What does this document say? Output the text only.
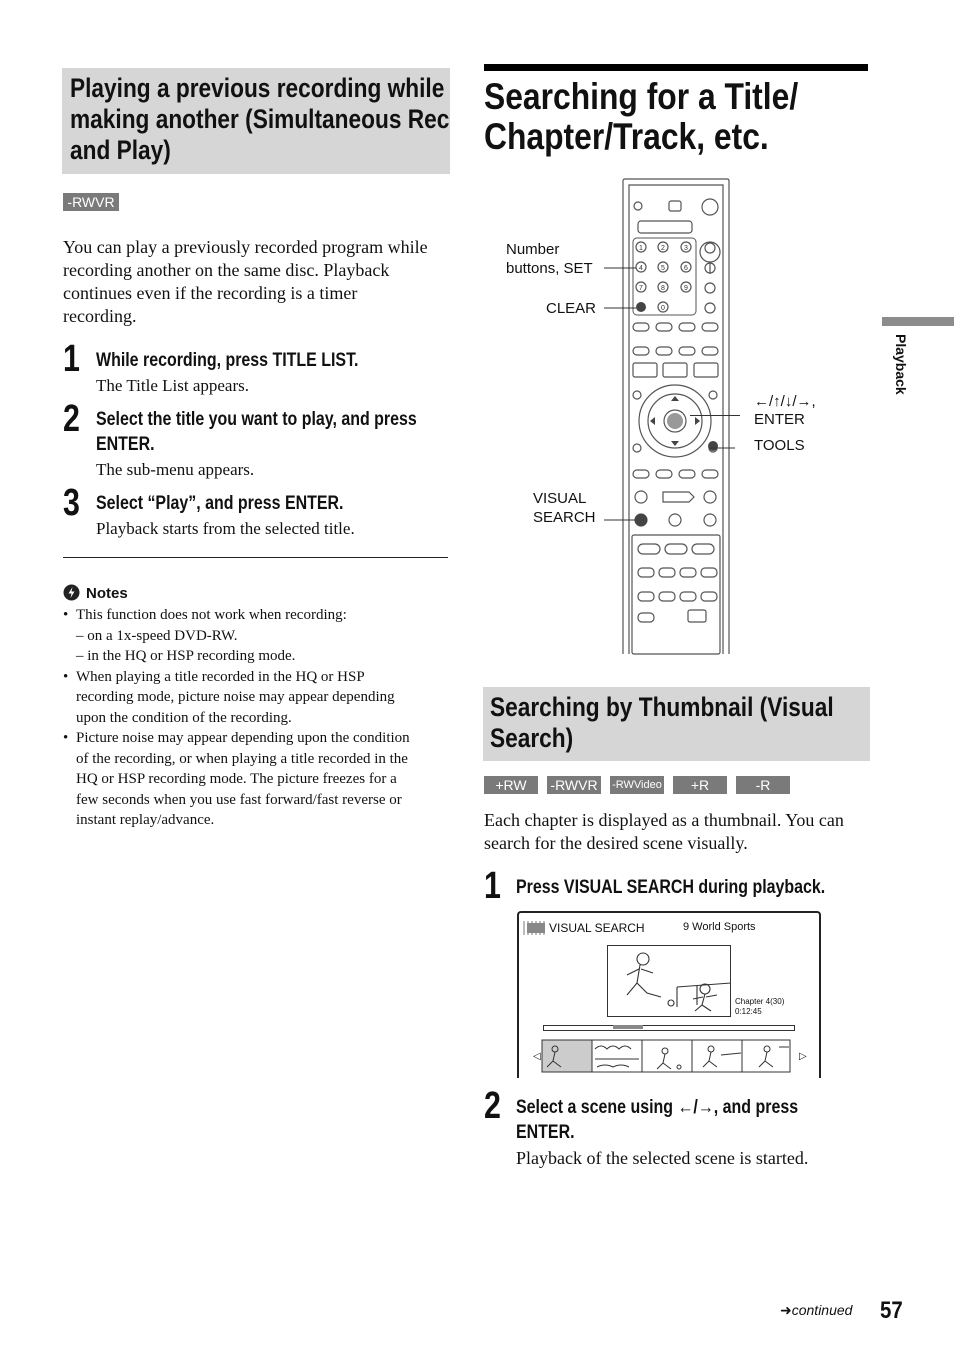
Playing a previous recording while
making another (Simultaneous Rec
and Play)
-RWVR
You can play a previously recorded program while
recording another on the same disc. Playback
continues even if the recording is a timer
recording.
1 While recording, press TITLE LIST.
The Title List appears.
2 Select the title you want to play, and press
ENTER.
The sub-menu appears.
3 Select “Play”, and press ENTER.
Playback starts from the selected title.
Notes
• This function does not work when recording:
– on a 1x-speed DVD-RW.
– in the HQ or HSP recording mode.
• When playing a title recorded in the HQ or HSP
recording mode, picture noise may appear depending
upon the condition of the recording.
• Picture noise may appear depending upon the condition
of the recording, or when playing a title recorded in the
HQ or HSP recording mode. The picture freezes for a
few seconds when you use fast forward/fast reverse or
instant replay/advance.
Searching for a Title/
Chapter/Track, etc.
1	2	3
4	5	6
7	8	9
0
Number
buttons, SET
CLEAR
←/↑/↓/→,
ENTER
TOOLS
VISUAL
SEARCH
Searching by Thumbnail (Visual
Search)
+RW	-RWVR	-RWVideo	+R	-R
Each chapter is displayed as a thumbnail. You can
search for the desired scene visually.
1 Press VISUAL SEARCH during playback.
VISUAL SEARCH	9 World Sports
Chapter 4(30)
0:12:45
◁	▷
2 Select a scene using ←/→, and press
ENTER.
Playback of the selected scene is started.
Playback
➜continued 57
